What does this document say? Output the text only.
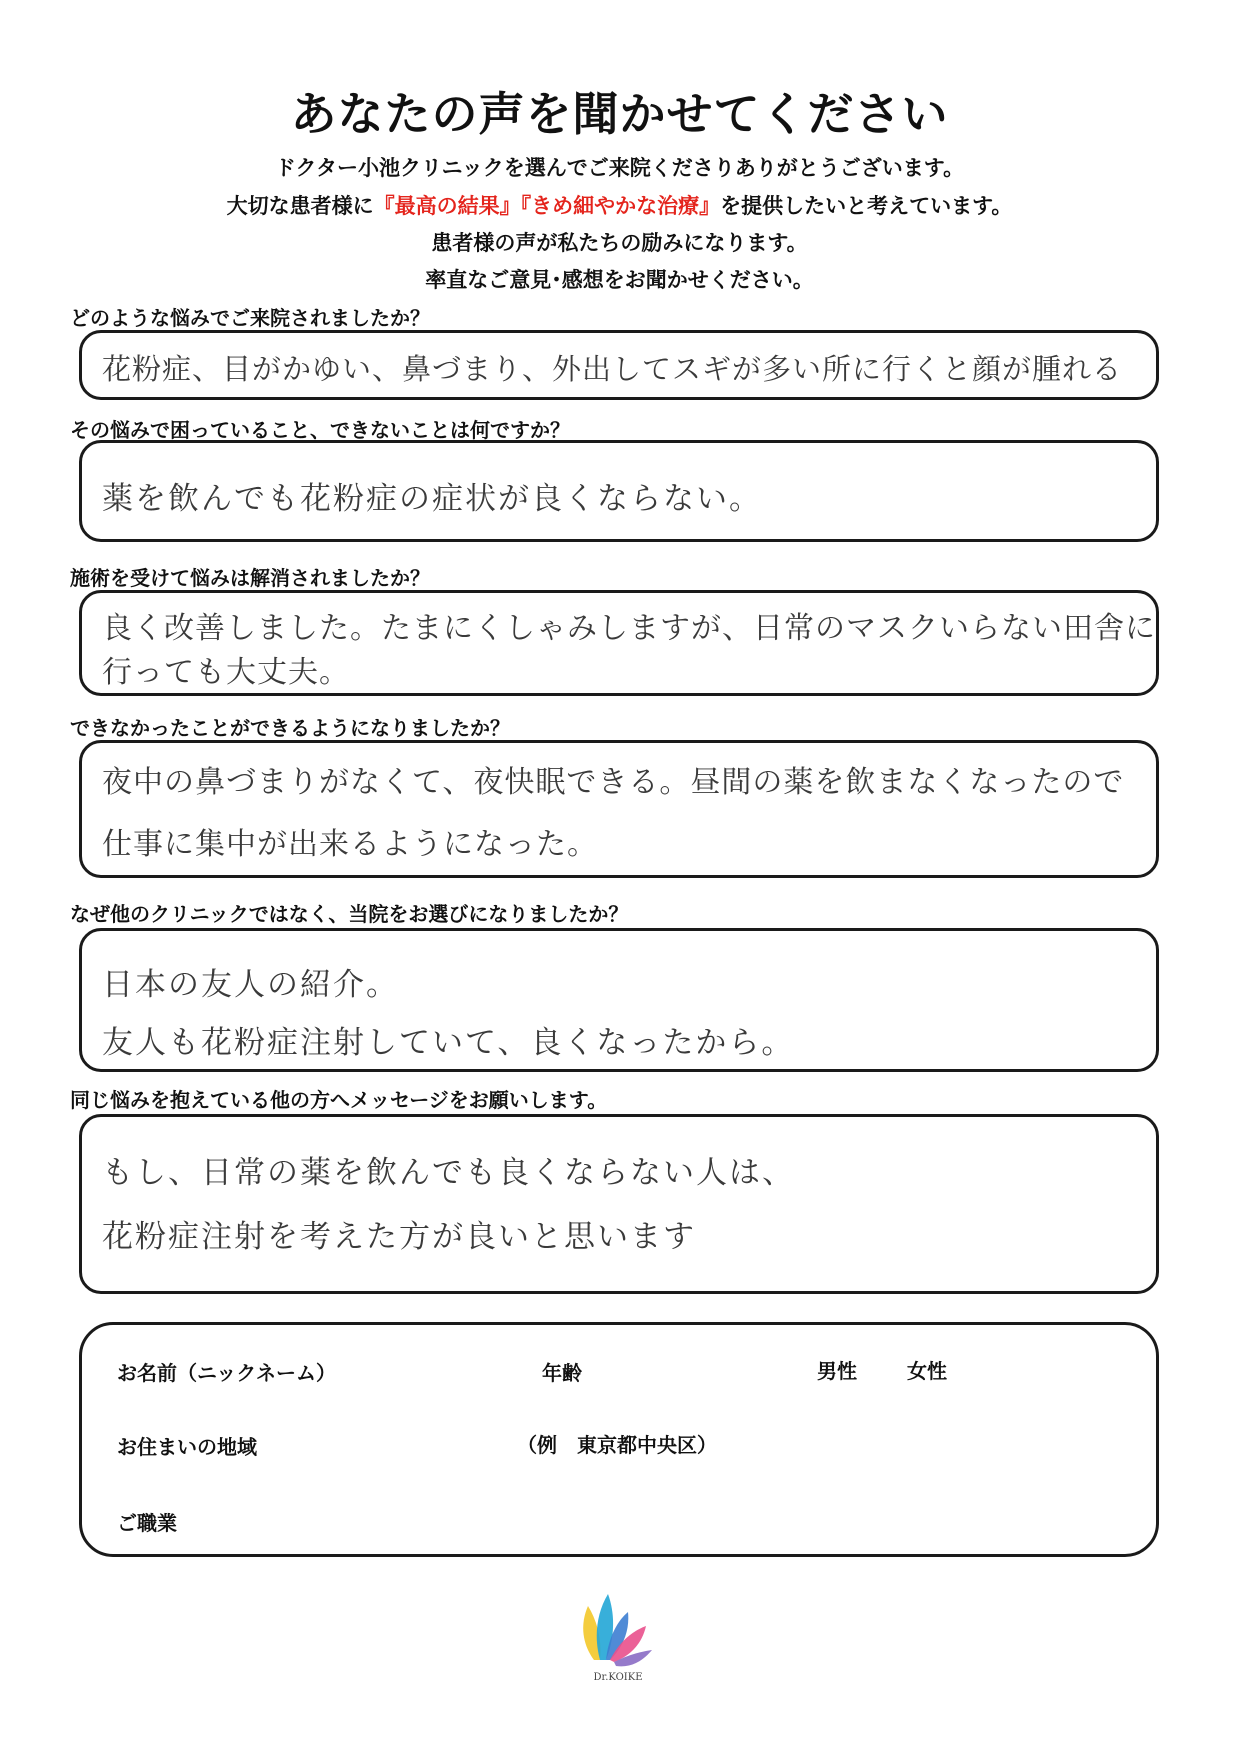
あなたの声を聞かせてください
ドクター小池クリニックを選んでご来院くださりありがとうございます。
大切な患者様に『最高の結果』『きめ細やかな治療』を提供したいと考えています。
患者様の声が私たちの励みになります。
率直なご意見･感想をお聞かせください。
どのような悩みでご来院されましたか？
花粉症、目がかゆい、鼻づまり、外出してスギが多い所に行くと顔が腫れる
その悩みで困っていること、できないことは何ですか？
薬を飲んでも花粉症の症状が良くならない。
施術を受けて悩みは解消されましたか？
良く改善しました。たまにくしゃみしますが、日常のマスクいらない田舎に
行っても大丈夫。
できなかったことができるようになりましたか？
夜中の鼻づまりがなくて、夜快眠できる。昼間の薬を飲まなくなったので
仕事に集中が出来るようになった。
なぜ他のクリニックではなく、当院をお選びになりましたか？
日本の友人の紹介。
友人も花粉症注射していて、良くなったから。
同じ悩みを抱えている他の方へメッセージをお願いします。
もし、日常の薬を飲んでも良くならない人は、
花粉症注射を考えた方が良いと思います
お名前（ニックネーム）	年齢	男性	女性
お住まいの地域	（例　東京都中央区）
ご職業
Dr.KOIKE
